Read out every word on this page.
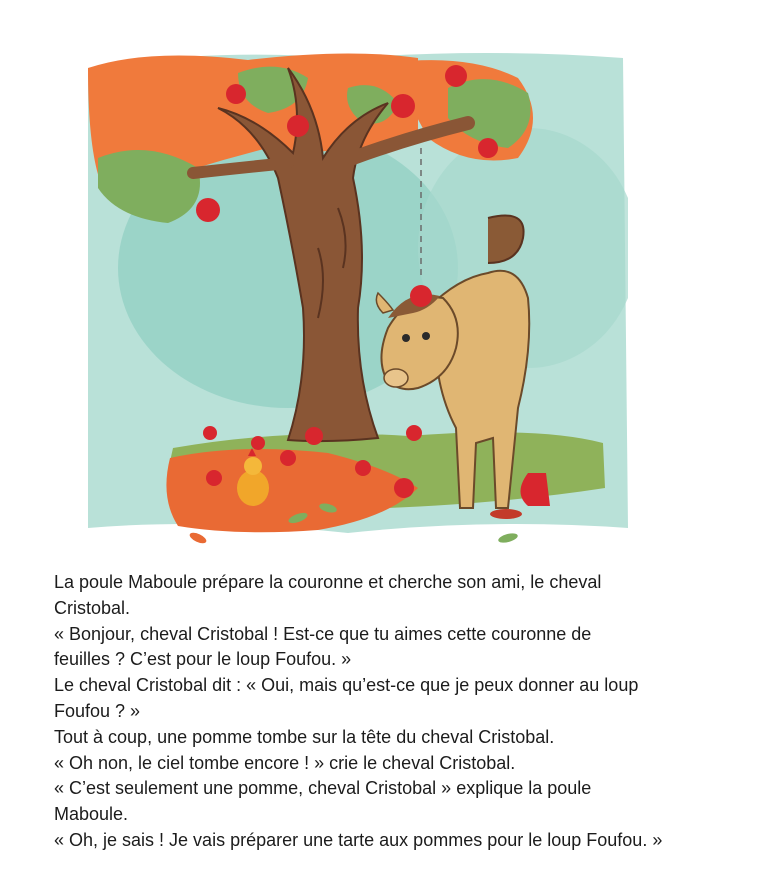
La poule Maboule prépare la couronne et cherche son ami, le cheval

Cristobal.

« Bonjour, cheval Cristobal ! Est-ce que tu aimes cette couronne de

feuilles ? C’est pour le loup Foufou. »

Le cheval Cristobal dit : « Oui, mais qu’est-ce que je peux donner au loup

Foufou ? »

Tout à coup, une pomme tombe sur la tête du cheval Cristobal.

« Oh non, le ciel tombe encore ! » crie le cheval Cristobal.

« C’est seulement une pomme, cheval Cristobal » explique la poule

Maboule.

« Oh, je sais ! Je vais préparer une tarte aux pommes pour le loup Foufou. »
